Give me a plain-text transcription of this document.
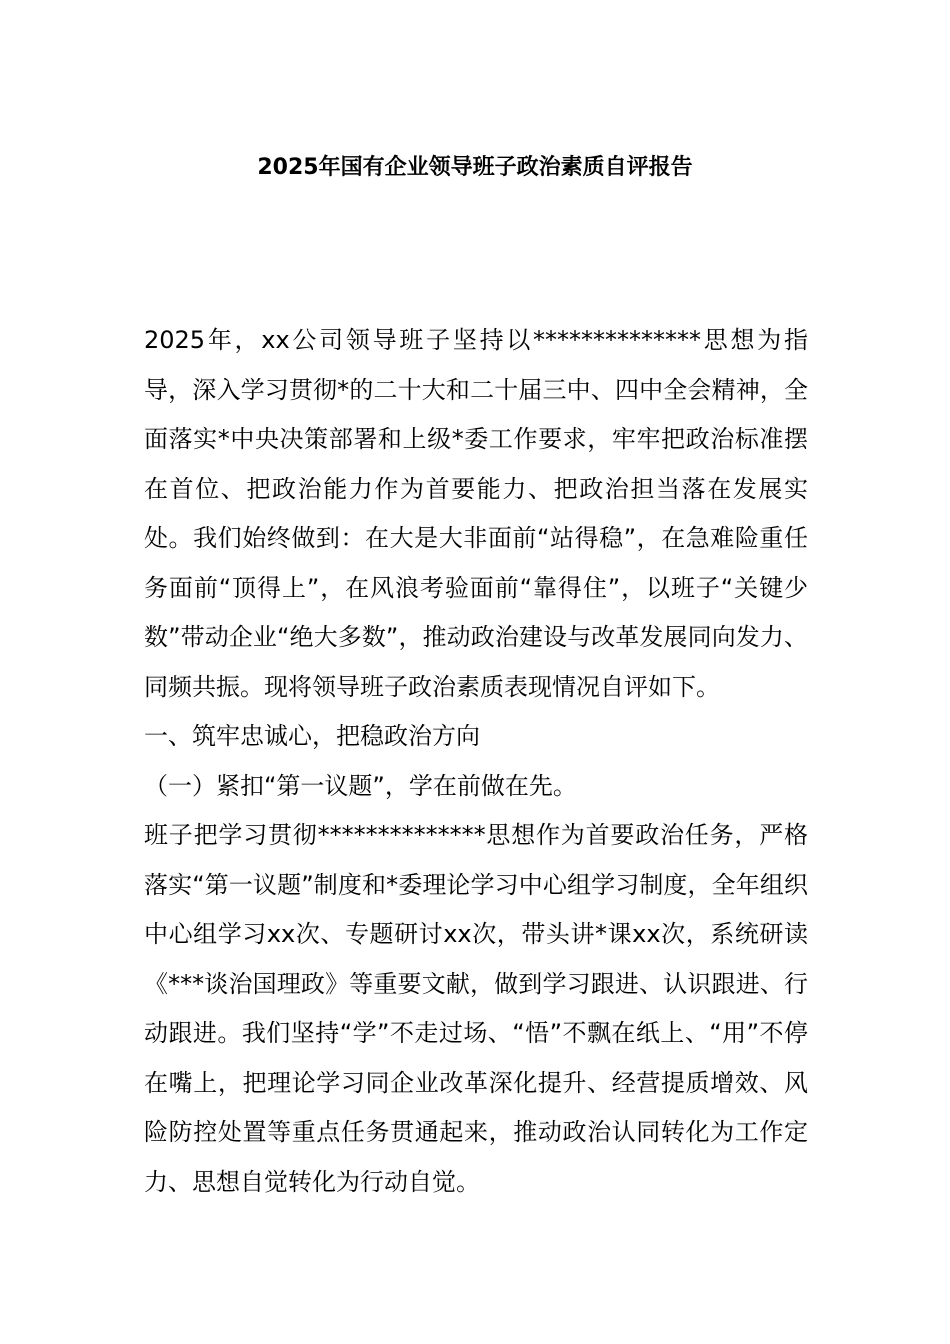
2025年国有企业领导班子政治素质自评报告

2025年，xx公司领导班子坚持以**************思想为指导，深入学习贯彻*的二十大和二十届三中、四中全会精神，全面落实*中央决策部署和上级*委工作要求，牢牢把政治标准摆在首位、把政治能力作为首要能力、把政治担当落在发展实处。我们始终做到：在大是大非面前“站得稳”，在急难险重任务面前“顶得上”，在风浪考验面前“靠得住”，以班子“关键少数”带动企业“绝大多数”，推动政治建设与改革发展同向发力、同频共振。现将领导班子政治素质表现情况自评如下。

一、筑牢忠诚心，把稳政治方向

（一）紧扣“第一议题”，学在前做在先。

班子把学习贯彻**************思想作为首要政治任务，严格落实“第一议题”制度和*委理论学习中心组学习制度，全年组织中心组学习xx次、专题研讨xx次，带头讲*课xx次，系统研读《***谈治国理政》等重要文献，做到学习跟进、认识跟进、行动跟进。我们坚持“学”不走过场、“悟”不飘在纸上、“用”不停在嘴上，把理论学习同企业改革深化提升、经营提质增效、风险防控处置等重点任务贯通起来，推动政治认同转化为工作定力、思想自觉转化为行动自觉。
